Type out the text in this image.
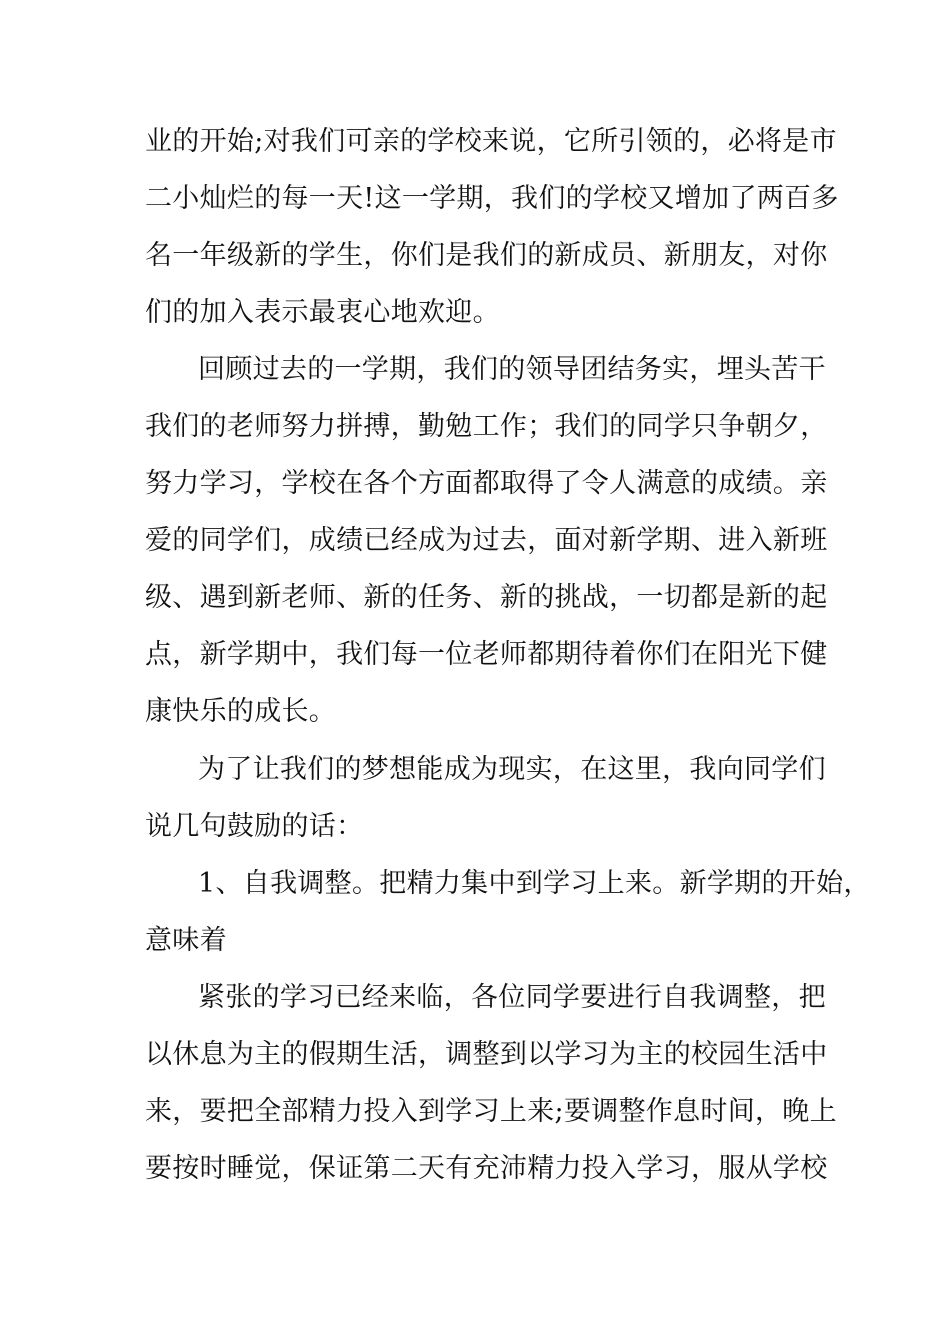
业的开始;对我们可亲的学校来说，它所引领的，必将是市
二小灿烂的每一天!这一学期，我们的学校又增加了两百多
名一年级新的学生，你们是我们的新成员、新朋友，对你
们的加入表示最衷心地欢迎。
回顾过去的一学期，我们的领导团结务实，埋头苦干
我们的老师努力拼搏，勤勉工作；我们的同学只争朝夕，
努力学习，学校在各个方面都取得了令人满意的成绩。亲
爱的同学们，成绩已经成为过去，面对新学期、进入新班
级、遇到新老师、新的任务、新的挑战，一切都是新的起
点，新学期中，我们每一位老师都期待着你们在阳光下健
康快乐的成长。
为了让我们的梦想能成为现实，在这里，我向同学们
说几句鼓励的话：
1、自我调整。把精力集中到学习上来。新学期的开始，
意味着
紧张的学习已经来临，各位同学要进行自我调整，把
以休息为主的假期生活，调整到以学习为主的校园生活中
来，要把全部精力投入到学习上来;要调整作息时间，晚上
要按时睡觉，保证第二天有充沛精力投入学习，服从学校
